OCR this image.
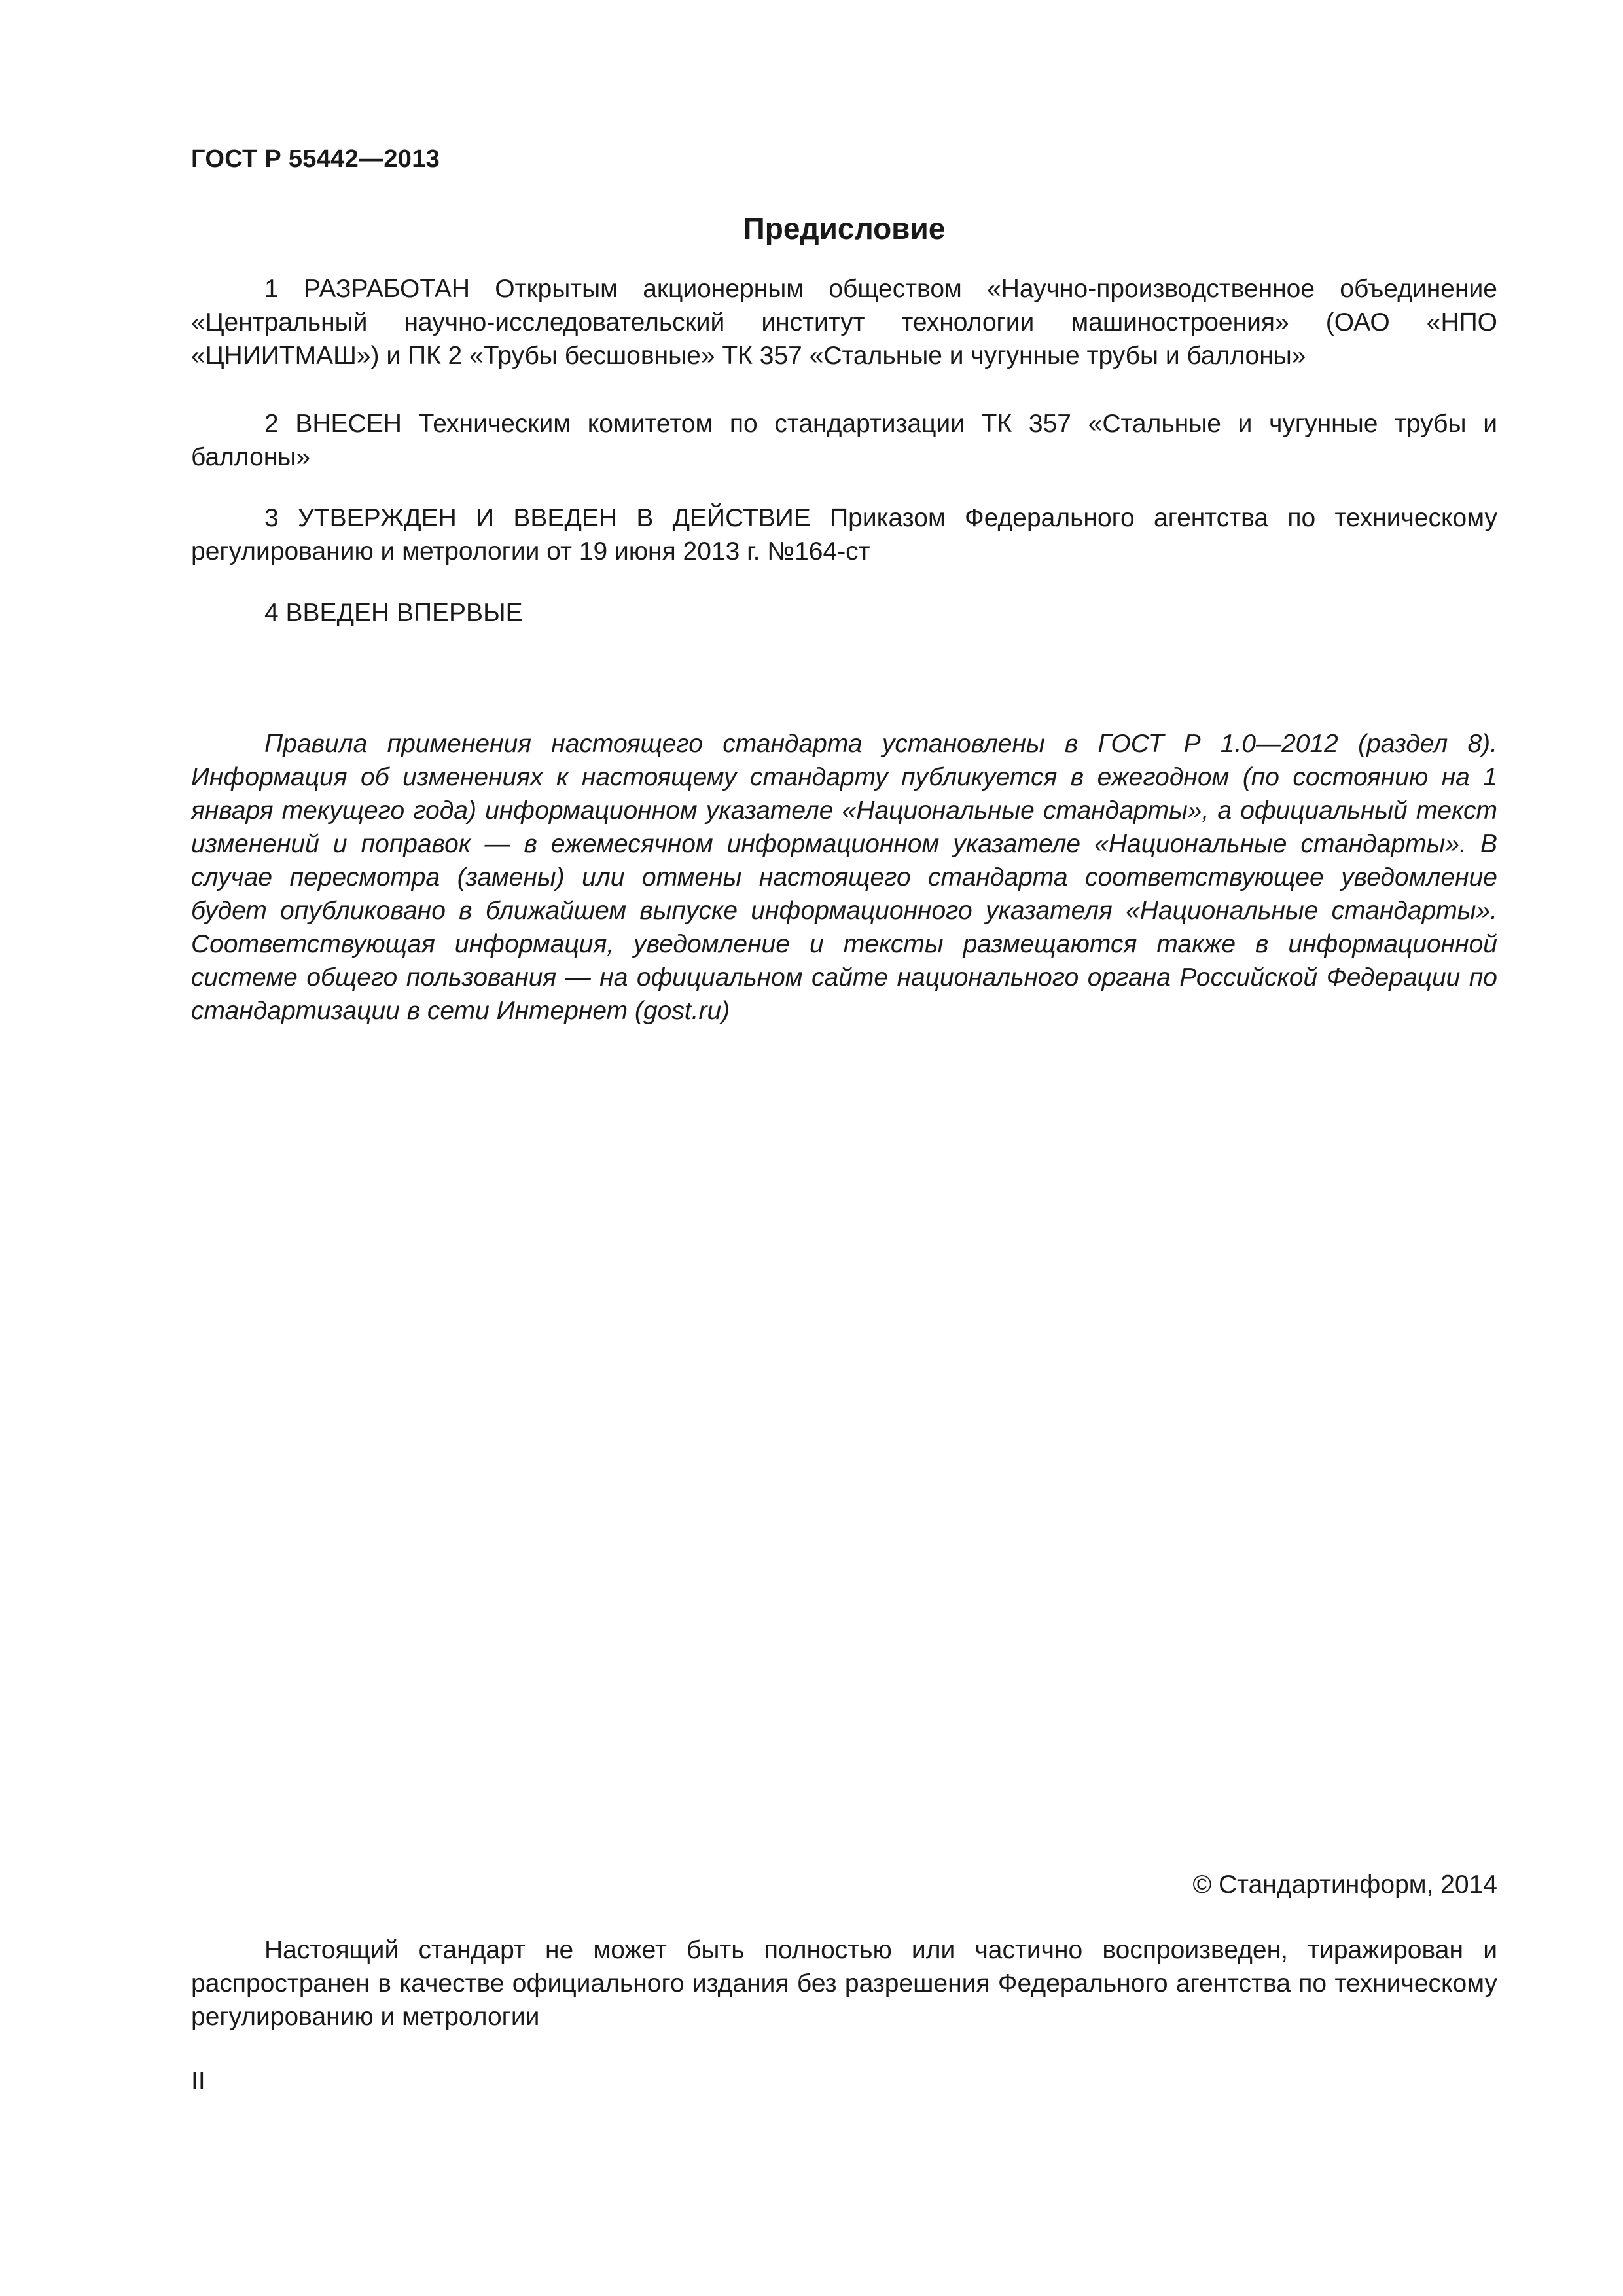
ГОСТ Р 55442—2013
Предисловие

1 РАЗРАБОТАН Открытым акционерным обществом «Научно-производственное объединение «Центральный научно-исследовательский институт технологии машиностроения» (ОАО «НПО «ЦНИИТМАШ») и ПК 2 «Трубы бесшовные» ТК 357 «Стальные и чугунные трубы и баллоны»

2 ВНЕСЕН Техническим комитетом по стандартизации ТК 357 «Стальные и чугунные трубы и баллоны»

3 УТВЕРЖДЕН И ВВЕДЕН В ДЕЙСТВИЕ Приказом Федерального агентства по техническому регулированию и метрологии от 19 июня 2013 г. №164-ст

4 ВВЕДЕН ВПЕРВЫЕ

Правила применения настоящего стандарта установлены в ГОСТ Р 1.0—2012 (раздел 8). Информация об изменениях к настоящему стандарту публикуется в ежегодном (по состоянию на 1 января текущего года) информационном указателе «Национальные стандарты», а официальный текст изменений и поправок — в ежемесячном информационном указателе «Национальные стандарты». В случае пересмотра (замены) или отмены настоящего стандарта соответствующее уведомление будет опубликовано в ближайшем выпуске информационного указателя «Национальные стандарты». Соответствующая информация, уведомление и тексты размещаются также в информационной системе общего пользования — на официальном сайте национального органа Российской Федерации по стандартизации в сети Интернет (gost.ru)

© Стандартинформ, 2014

Настоящий стандарт не может быть полностью или частично воспроизведен, тиражирован и распространен в качестве официального издания без разрешения Федерального агентства по техническому регулированию и метрологии

II
